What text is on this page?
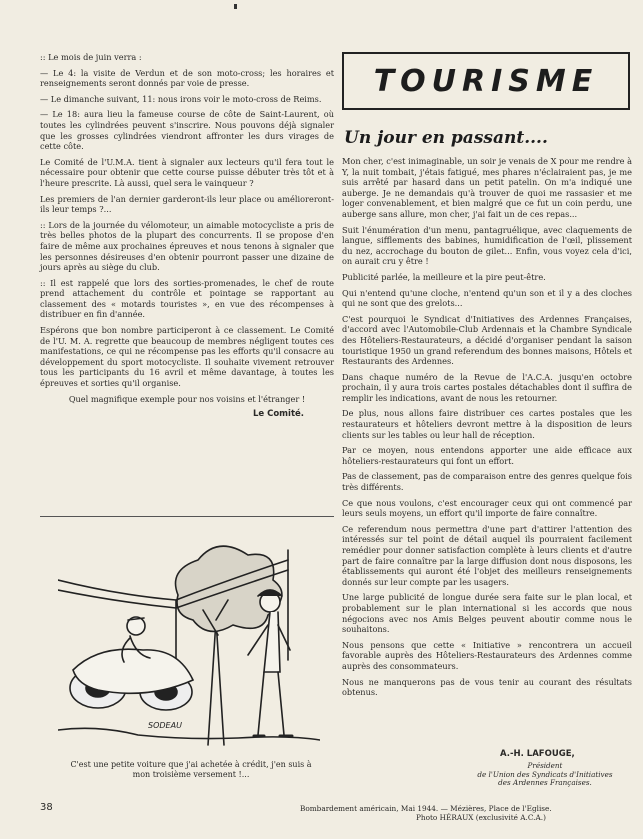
:: Le mois de juin verra :

— Le 4: la visite de Verdun et de son moto-cross; les horaires et renseignements seront donnés par voie de presse.

— Le dimanche suivant, 11: nous irons voir le moto-cross de Reims.

— Le 18: aura lieu la fameuse course de côte de Saint-Laurent, où toutes les cylindrées peuvent s'inscrire. Nous pouvons déjà signaler que les grosses cylindrées viendront affronter les durs virages de cette côte.

Le Comité de l'U.M.A. tient à signaler aux lecteurs qu'il fera tout le nécessaire pour obtenir que cette course puisse débuter très tôt et à l'heure prescrite. Là aussi, quel sera le vainqueur ?

Les premiers de l'an dernier garderont-ils leur place ou amélioreront-ils leur temps ?...

:: Lors de la journée du vélomoteur, un aimable motocycliste a pris de très belles photos de la plupart des concurrents. Il se propose d'en faire de même aux prochaines épreuves et nous tenons à signaler que les personnes désireuses d'en obtenir pourront passer une dizaine de jours après au siège du club.

:: Il est rappelé que lors des sorties-promenades, le chef de route prend attachement du contrôle et pointage se rapportant au classement des « motards touristes », en vue des récompenses à distribuer en fin d'année.

Espérons que bon nombre participeront à ce classement. Le Comité de l'U. M. A. regrette que beaucoup de membres négligent toutes ces manifestations, ce qui ne récompense pas les efforts qu'il consacre au développement du sport motocycliste. Il souhaite vivement retrouver tous les participants du 16 avril et même davantage, à toutes les épreuves et sorties qu'il organise.

Quel magnifique exemple pour nos voisins et l'étranger !

Le Comité.
SODEAU
C'est une petite voiture que j'ai achetée à crédit, j'en suis à mon troisième versement !...
38
TOURISME
Un jour en passant....

Mon cher, c'est inimaginable, un soir je venais de X pour me rendre à Y, la nuit tombait, j'étais fatigué, mes phares n'éclairaient pas, je me suis arrêté par hasard dans un petit patelin. On m'a indiqué une auberge. Je ne demandais qu'à trouver de quoi me rassasier et me loger convenablement, et bien malgré que ce fut un coin perdu, une auberge sans allure, mon cher, j'ai fait un de ces repas...

Suit l'énumération d'un menu, pantagruélique, avec claquements de langue, sifflements des babines, humidification de l'œil, plissement du nez, accrochage du bouton de gilet... Enfin, vous voyez cela d'ici, on aurait cru y être !

Publicité parlée, la meilleure et la pire peut-être.

Qui n'entend qu'une cloche, n'entend qu'un son et il y a des cloches qui ne sont que des grelots...

C'est pourquoi le Syndicat d'Initiatives des Ardennes Françaises, d'accord avec l'Automobile-Club Ardennais et la Chambre Syndicale des Hôteliers-Restaurateurs, a décidé d'organiser pendant la saison touristique 1950 un grand referendum des bonnes maisons, Hôtels et Restaurants des Ardennes.

Dans chaque numéro de la Revue de l'A.C.A. jusqu'en octobre prochain, il y aura trois cartes postales détachables dont il suffira de remplir les indications, avant de nous les retourner.

De plus, nous allons faire distribuer ces cartes postales que les restaurateurs et hôteliers devront mettre à la disposition de leurs clients sur les tables ou leur hall de réception.

Par ce moyen, nous entendons apporter une aide efficace aux hôteliers-restaurateurs qui font un effort.

Pas de classement, pas de comparaison entre des genres quelque fois très différents.

Ce que nous voulons, c'est encourager ceux qui ont commencé par leurs seuls moyens, un effort qu'il importe de faire connaître.

Ce referendum nous permettra d'une part d'attirer l'attention des intéressés sur tel point de détail auquel ils pourraient facilement remédier pour donner satisfaction complète à leurs clients et d'autre part de faire connaître par la large diffusion dont nous disposons, les établissements qui auront été l'objet des meilleurs renseignements donnés sur leur compte par les usagers.

Une large publicité de longue durée sera faite sur le plan local, et probablement sur le plan international si les accords que nous négocions avec nos Amis Belges peuvent aboutir comme nous le souhaitons.

Nous pensons que cette « Initiative » rencontrera un accueil favorable auprès des Hôteliers-Restaurateurs des Ardennes comme auprès des consommateurs.

Nous ne manquerons pas de vous tenir au courant des résultats obtenus.

A.-H. LAFOUGE,
Président
de l'Union des Syndicats d'Initiatives
des Ardennes Françaises.
Bombardement américain, Mai 1944. — Mézières, Place de l'Eglise.
Photo HÉRAUX (exclusivité A.C.A.)
